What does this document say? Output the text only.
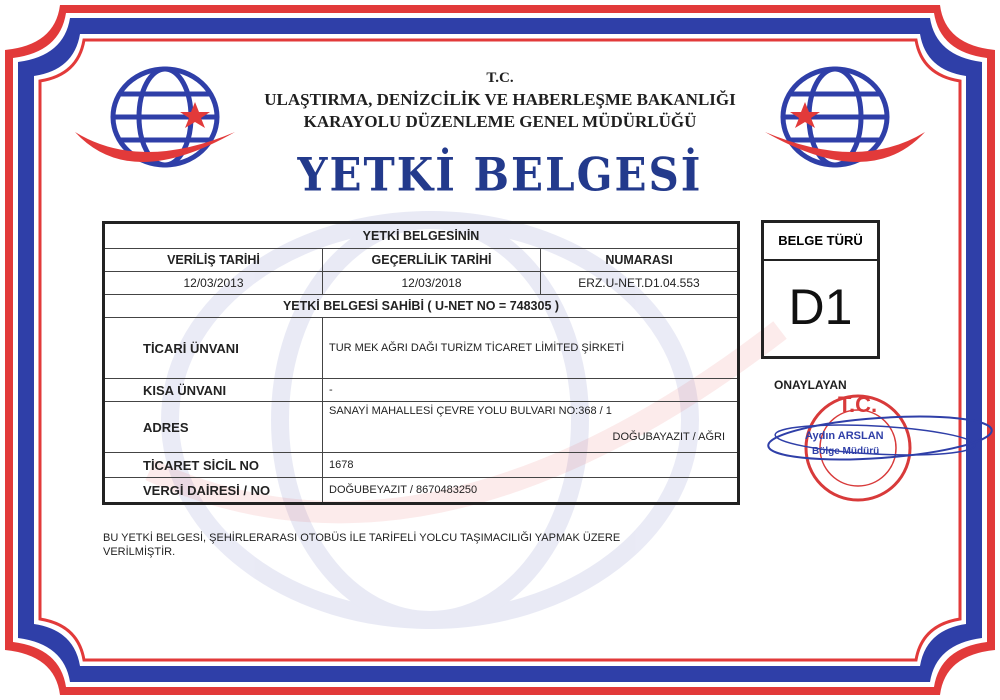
T.C.
ULAŞTIRMA, DENİZCİLİK VE HABERLEŞME BAKANLIĞI
KARAYOLU DÜZENLEME GENEL MÜDÜRLÜĞÜ
YETKİ BELGESİ
YETKİ BELGESİNİN		
VERİLİŞ TARİHİ	GEÇERLİLİK TARİHİ	NUMARASI
12/03/2013	12/03/2018	ERZ.U-NET.D1.04.553
YETKİ BELGESİ SAHİBİ ( U-NET NO = 748305 )		
TİCARİ ÜNVANI	TUR MEK AĞRI DAĞI TURİZM TİCARET LİMİTED ŞİRKETİ	
KISA ÜNVANI	-	
ADRES	SANAYİ MAHALLESİ ÇEVRE YOLU BULVARI NO:368 / 1
DOĞUBAYAZIT / AĞRI	

TİCARET SİCİL NO	1678	
VERGİ DAİRESİ / NO	DOĞUBEYAZIT / 8670483250	
BELGE TÜRÜ
D1
ONAYLAYAN
T.C.
Aydın ARSLAN
Bölge Müdürü
BU YETKİ BELGESİ, ŞEHİRLERARASI OTOBÜS İLE TARİFELİ YOLCU TAŞIMACILIĞI YAPMAK ÜZERE
VERİLMİŞTİR.
